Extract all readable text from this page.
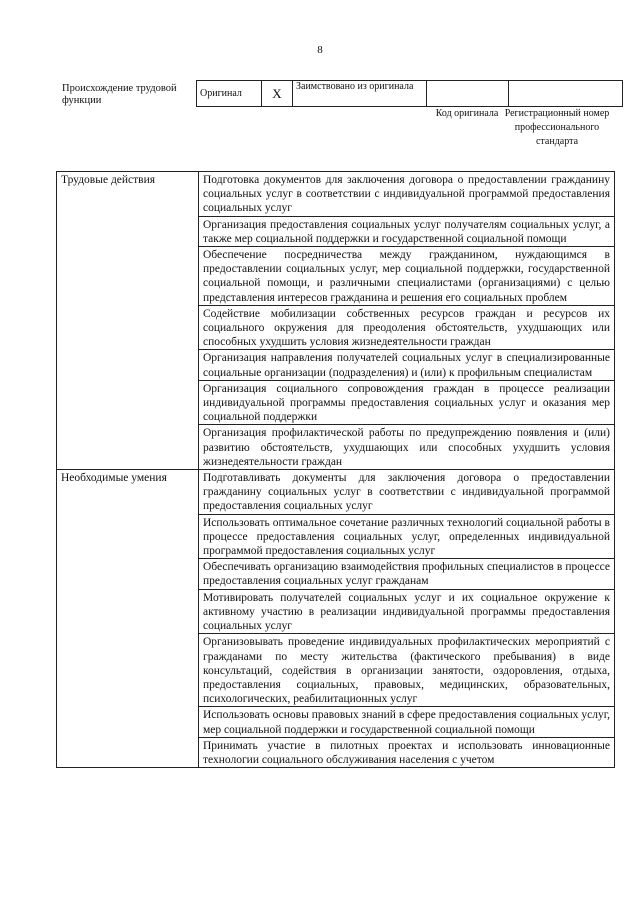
8
Происхождение трудовой функции
Оригинал	X	Заимствовано из оригинала		
Код оригинала Регистрационный номер профессионального стандарта
Трудовые действия	Подготовка документов для заключения договора о предоставлении гражданину социальных услуг в соответствии с индивидуальной программой предоставления социальных услуг
	Организация предоставления социальных услуг получателям социальных услуг, а также мер социальной поддержки и государственной социальной помощи
	Обеспечение посредничества между гражданином, нуждающимся в предоставлении социальных услуг, мер социальной поддержки, государственной социальной помощи, и различными специалистами (организациями) с целью представления интересов гражданина и решения его социальных проблем
	Содействие мобилизации собственных ресурсов граждан и ресурсов их социального окружения для преодоления обстоятельств, ухудшающих или способных ухудшить условия жизнедеятельности граждан
	Организация направления получателей социальных услуг в специализированные социальные организации (подразделения) и (или) к профильным специалистам
	Организация социального сопровождения граждан в процессе реализации индивидуальной программы предоставления социальных услуг и оказания мер социальной поддержки
	Организация профилактической работы по предупреждению появления и (или) развитию обстоятельств, ухудшающих или способных ухудшить условия жизнедеятельности граждан
Необходимые умения	Подготавливать документы для заключения договора о предоставлении гражданину социальных услуг в соответствии с индивидуальной программой предоставления социальных услуг
	Использовать оптимальное сочетание различных технологий социальной работы в процессе предоставления социальных услуг, определенных индивидуальной программой предоставления социальных услуг
	Обеспечивать организацию взаимодействия профильных специалистов в процессе предоставления социальных услуг гражданам
	Мотивировать получателей социальных услуг и их социальное окружение к активному участию в реализации индивидуальной программы предоставления социальных услуг
	Организовывать проведение индивидуальных профилактических мероприятий с гражданами по месту жительства (фактического пребывания) в виде консультаций, содействия в организации занятости, оздоровления, отдыха, предоставления социальных, правовых, медицинских, образовательных, психологических, реабилитационных услуг
	Использовать основы правовых знаний в сфере предоставления социальных услуг, мер социальной поддержки и государственной социальной помощи
	Принимать участие в пилотных проектах и использовать инновационные технологии социального обслуживания населения с учетом
